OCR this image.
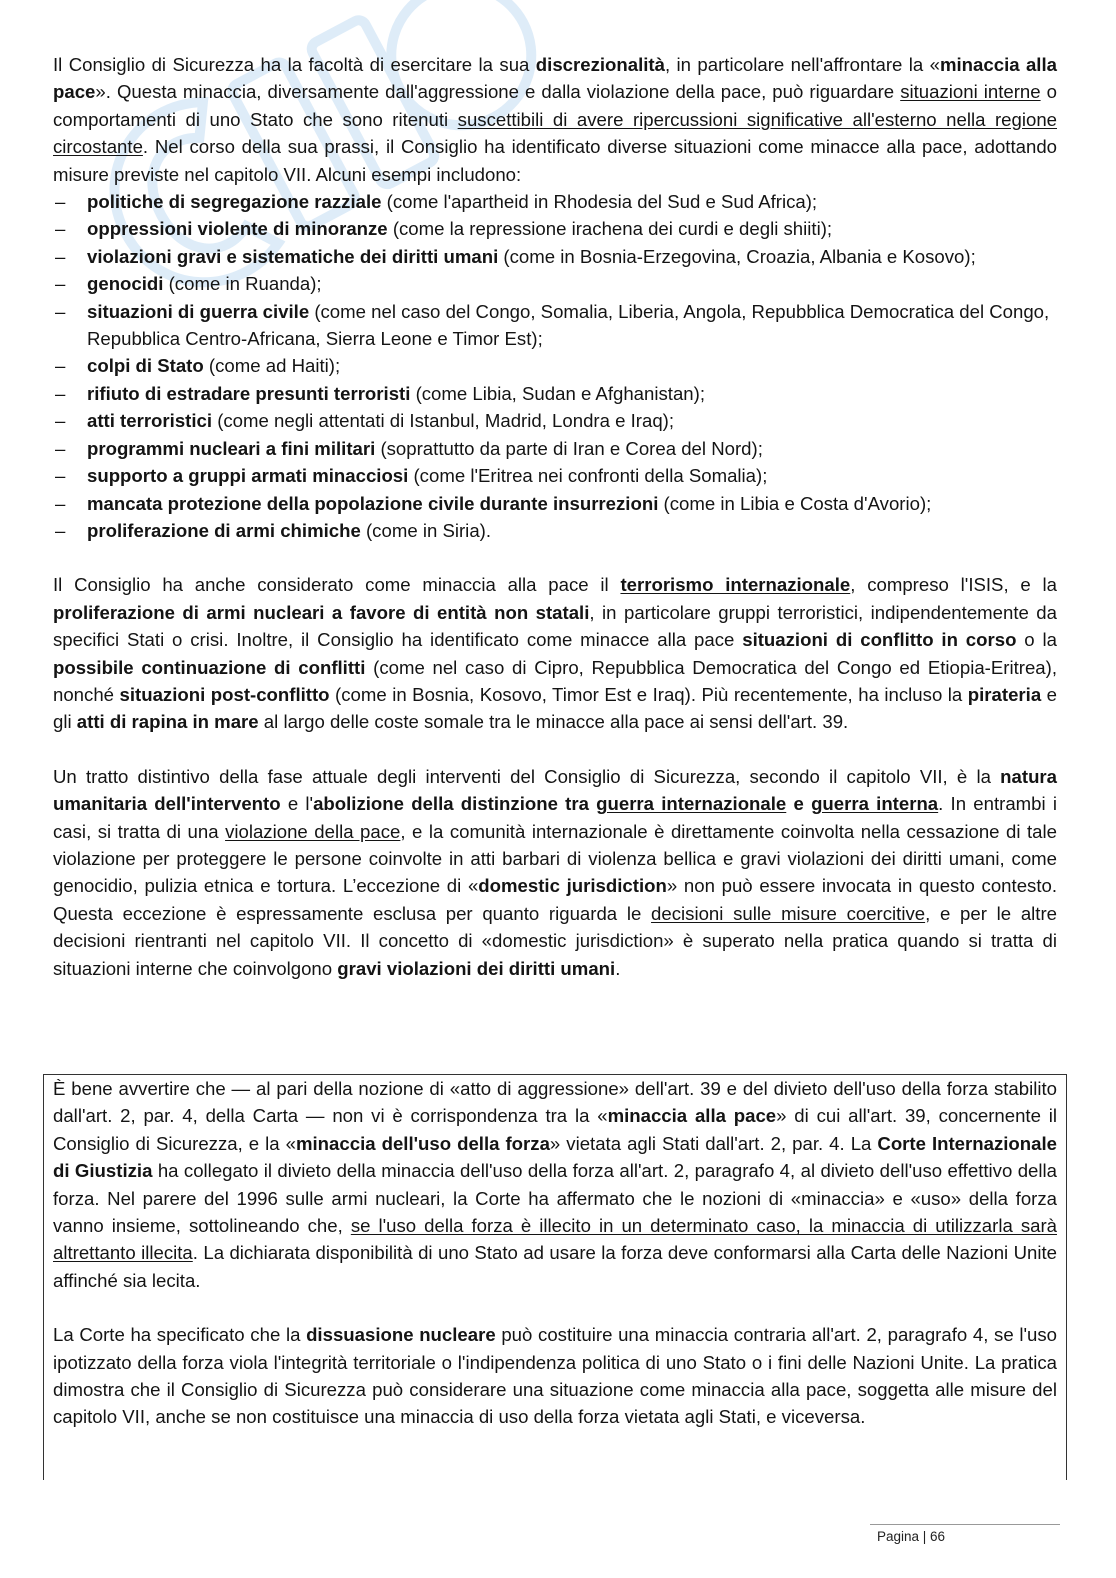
Il Consiglio di Sicurezza ha la facoltà di esercitare la sua discrezionalità, in particolare nell'affrontare la «minaccia alla pace». Questa minaccia, diversamente dall'aggressione e dalla violazione della pace, può riguardare situazioni interne o comportamenti di uno Stato che sono ritenuti suscettibili di avere ripercussioni significative all'esterno nella regione circostante. Nel corso della sua prassi, il Consiglio ha identificato diverse situazioni come minacce alla pace, adottando misure previste nel capitolo VII. Alcuni esempi includono:

– politiche di segregazione razziale (come l'apartheid in Rhodesia del Sud e Sud Africa);
– oppressioni violente di minoranze (come la repressione irachena dei curdi e degli shiiti);
– violazioni gravi e sistematiche dei diritti umani (come in Bosnia-Erzegovina, Croazia, Albania e Kosovo);
– genocidi (come in Ruanda);
– situazioni di guerra civile (come nel caso del Congo, Somalia, Liberia, Angola, Repubblica Democratica del Congo, Repubblica Centro-Africana, Sierra Leone e Timor Est);
– colpi di Stato (come ad Haiti);
– rifiuto di estradare presunti terroristi (come Libia, Sudan e Afghanistan);
– atti terroristici (come negli attentati di Istanbul, Madrid, Londra e Iraq);
– programmi nucleari a fini militari (soprattutto da parte di Iran e Corea del Nord);
– supporto a gruppi armati minacciosi (come l'Eritrea nei confronti della Somalia);
– mancata protezione della popolazione civile durante insurrezioni (come in Libia e Costa d'Avorio);
– proliferazione di armi chimiche (come in Siria).

Il Consiglio ha anche considerato come minaccia alla pace il terrorismo internazionale, compreso l'ISIS, e la proliferazione di armi nucleari a favore di entità non statali, in particolare gruppi terroristici, indipendentemente da specifici Stati o crisi. Inoltre, il Consiglio ha identificato come minacce alla pace situazioni di conflitto in corso o la possibile continuazione di conflitti (come nel caso di Cipro, Repubblica Democratica del Congo ed Etiopia-Eritrea), nonché situazioni post-conflitto (come in Bosnia, Kosovo, Timor Est e Iraq). Più recentemente, ha incluso la pirateria e gli atti di rapina in mare al largo delle coste somale tra le minacce alla pace ai sensi dell'art. 39.

Un tratto distintivo della fase attuale degli interventi del Consiglio di Sicurezza, secondo il capitolo VII, è la natura umanitaria dell'intervento e l'abolizione della distinzione tra guerra internazionale e guerra interna. In entrambi i casi, si tratta di una violazione della pace, e la comunità internazionale è direttamente coinvolta nella cessazione di tale violazione per proteggere le persone coinvolte in atti barbari di violenza bellica e gravi violazioni dei diritti umani, come genocidio, pulizia etnica e tortura. L’eccezione di «domestic jurisdiction» non può essere invocata in questo contesto. Questa eccezione è espressamente esclusa per quanto riguarda le decisioni sulle misure coercitive, e per le altre decisioni rientranti nel capitolo VII. Il concetto di «domestic jurisdiction» è superato nella pratica quando si tratta di situazioni interne che coinvolgono gravi violazioni dei diritti umani.

È bene avvertire che — al pari della nozione di «atto di aggressione» dell'art. 39 e del divieto dell'uso della forza stabilito dall'art. 2, par. 4, della Carta — non vi è corrispondenza tra la «minaccia alla pace» di cui all'art. 39, concernente il Consiglio di Sicurezza, e la «minaccia dell'uso della forza» vietata agli Stati dall'art. 2, par. 4. La Corte Internazionale di Giustizia ha collegato il divieto della minaccia dell'uso della forza all'art. 2, paragrafo 4, al divieto dell'uso effettivo della forza. Nel parere del 1996 sulle armi nucleari, la Corte ha affermato che le nozioni di «minaccia» e «uso» della forza vanno insieme, sottolineando che, se l'uso della forza è illecito in un determinato caso, la minaccia di utilizzarla sarà altrettanto illecita. La dichiarata disponibilità di uno Stato ad usare la forza deve conformarsi alla Carta delle Nazioni Unite affinché sia lecita.

La Corte ha specificato che la dissuasione nucleare può costituire una minaccia contraria all'art. 2, paragrafo 4, se l'uso ipotizzato della forza viola l'integrità territoriale o l'indipendenza politica di uno Stato o i fini delle Nazioni Unite. La pratica dimostra che il Consiglio di Sicurezza può considerare una situazione come minaccia alla pace, soggetta alle misure del capitolo VII, anche se non costituisce una minaccia di uso della forza vietata agli Stati, e viceversa.

Pagina | 66
